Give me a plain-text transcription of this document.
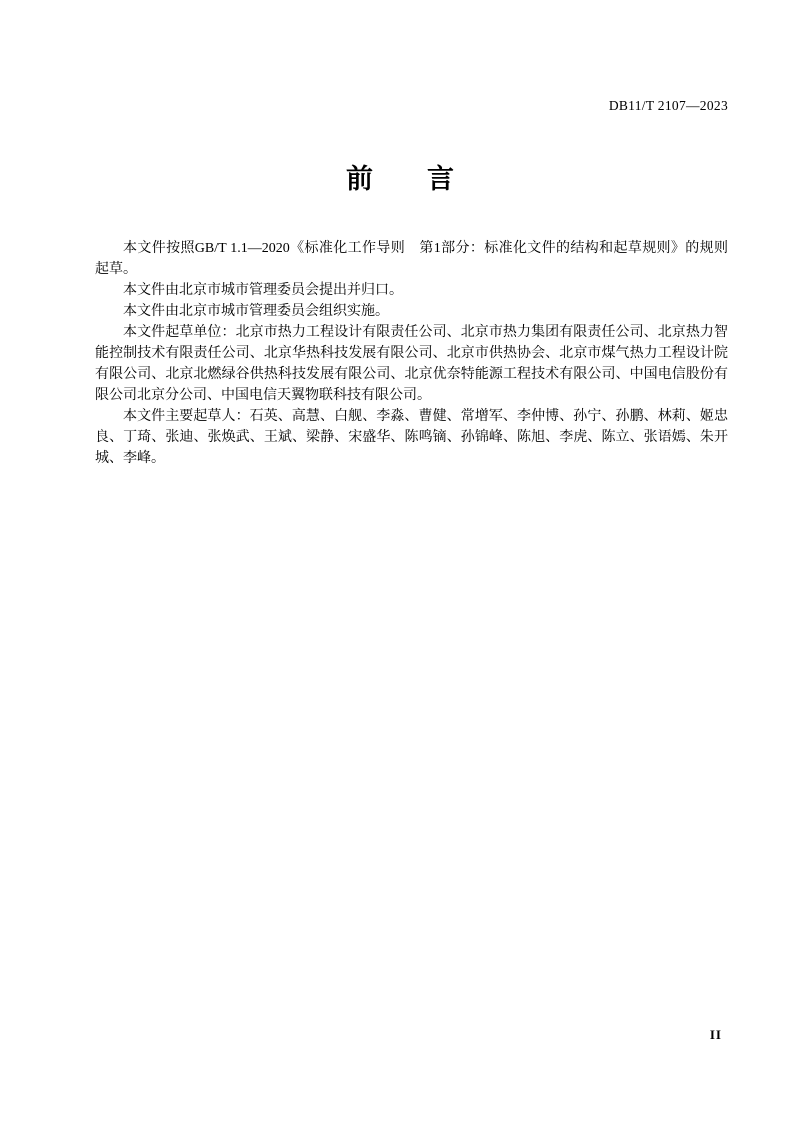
DB11/T 2107—2023
前　　言

本文件按照GB/T 1.1—2020《标准化工作导则　第1部分：标准化文件的结构和起草规则》的规则起草。

本文件由北京市城市管理委员会提出并归口。

本文件由北京市城市管理委员会组织实施。

本文件起草单位：北京市热力工程设计有限责任公司、北京市热力集团有限责任公司、北京热力智能控制技术有限责任公司、北京华热科技发展有限公司、北京市供热协会、北京市煤气热力工程设计院有限公司、北京北燃绿谷供热科技发展有限公司、北京优奈特能源工程技术有限公司、中国电信股份有限公司北京分公司、中国电信天翼物联科技有限公司。

本文件主要起草人：石英、高慧、白舰、李淼、曹健、常增军、李仲博、孙宁、孙鹏、林莉、姬忠良、丁琦、张迪、张焕武、王斌、梁静、宋盛华、陈鸣镝、孙锦峰、陈旭、李虎、陈立、张语嫣、朱开城、李峰。

II
